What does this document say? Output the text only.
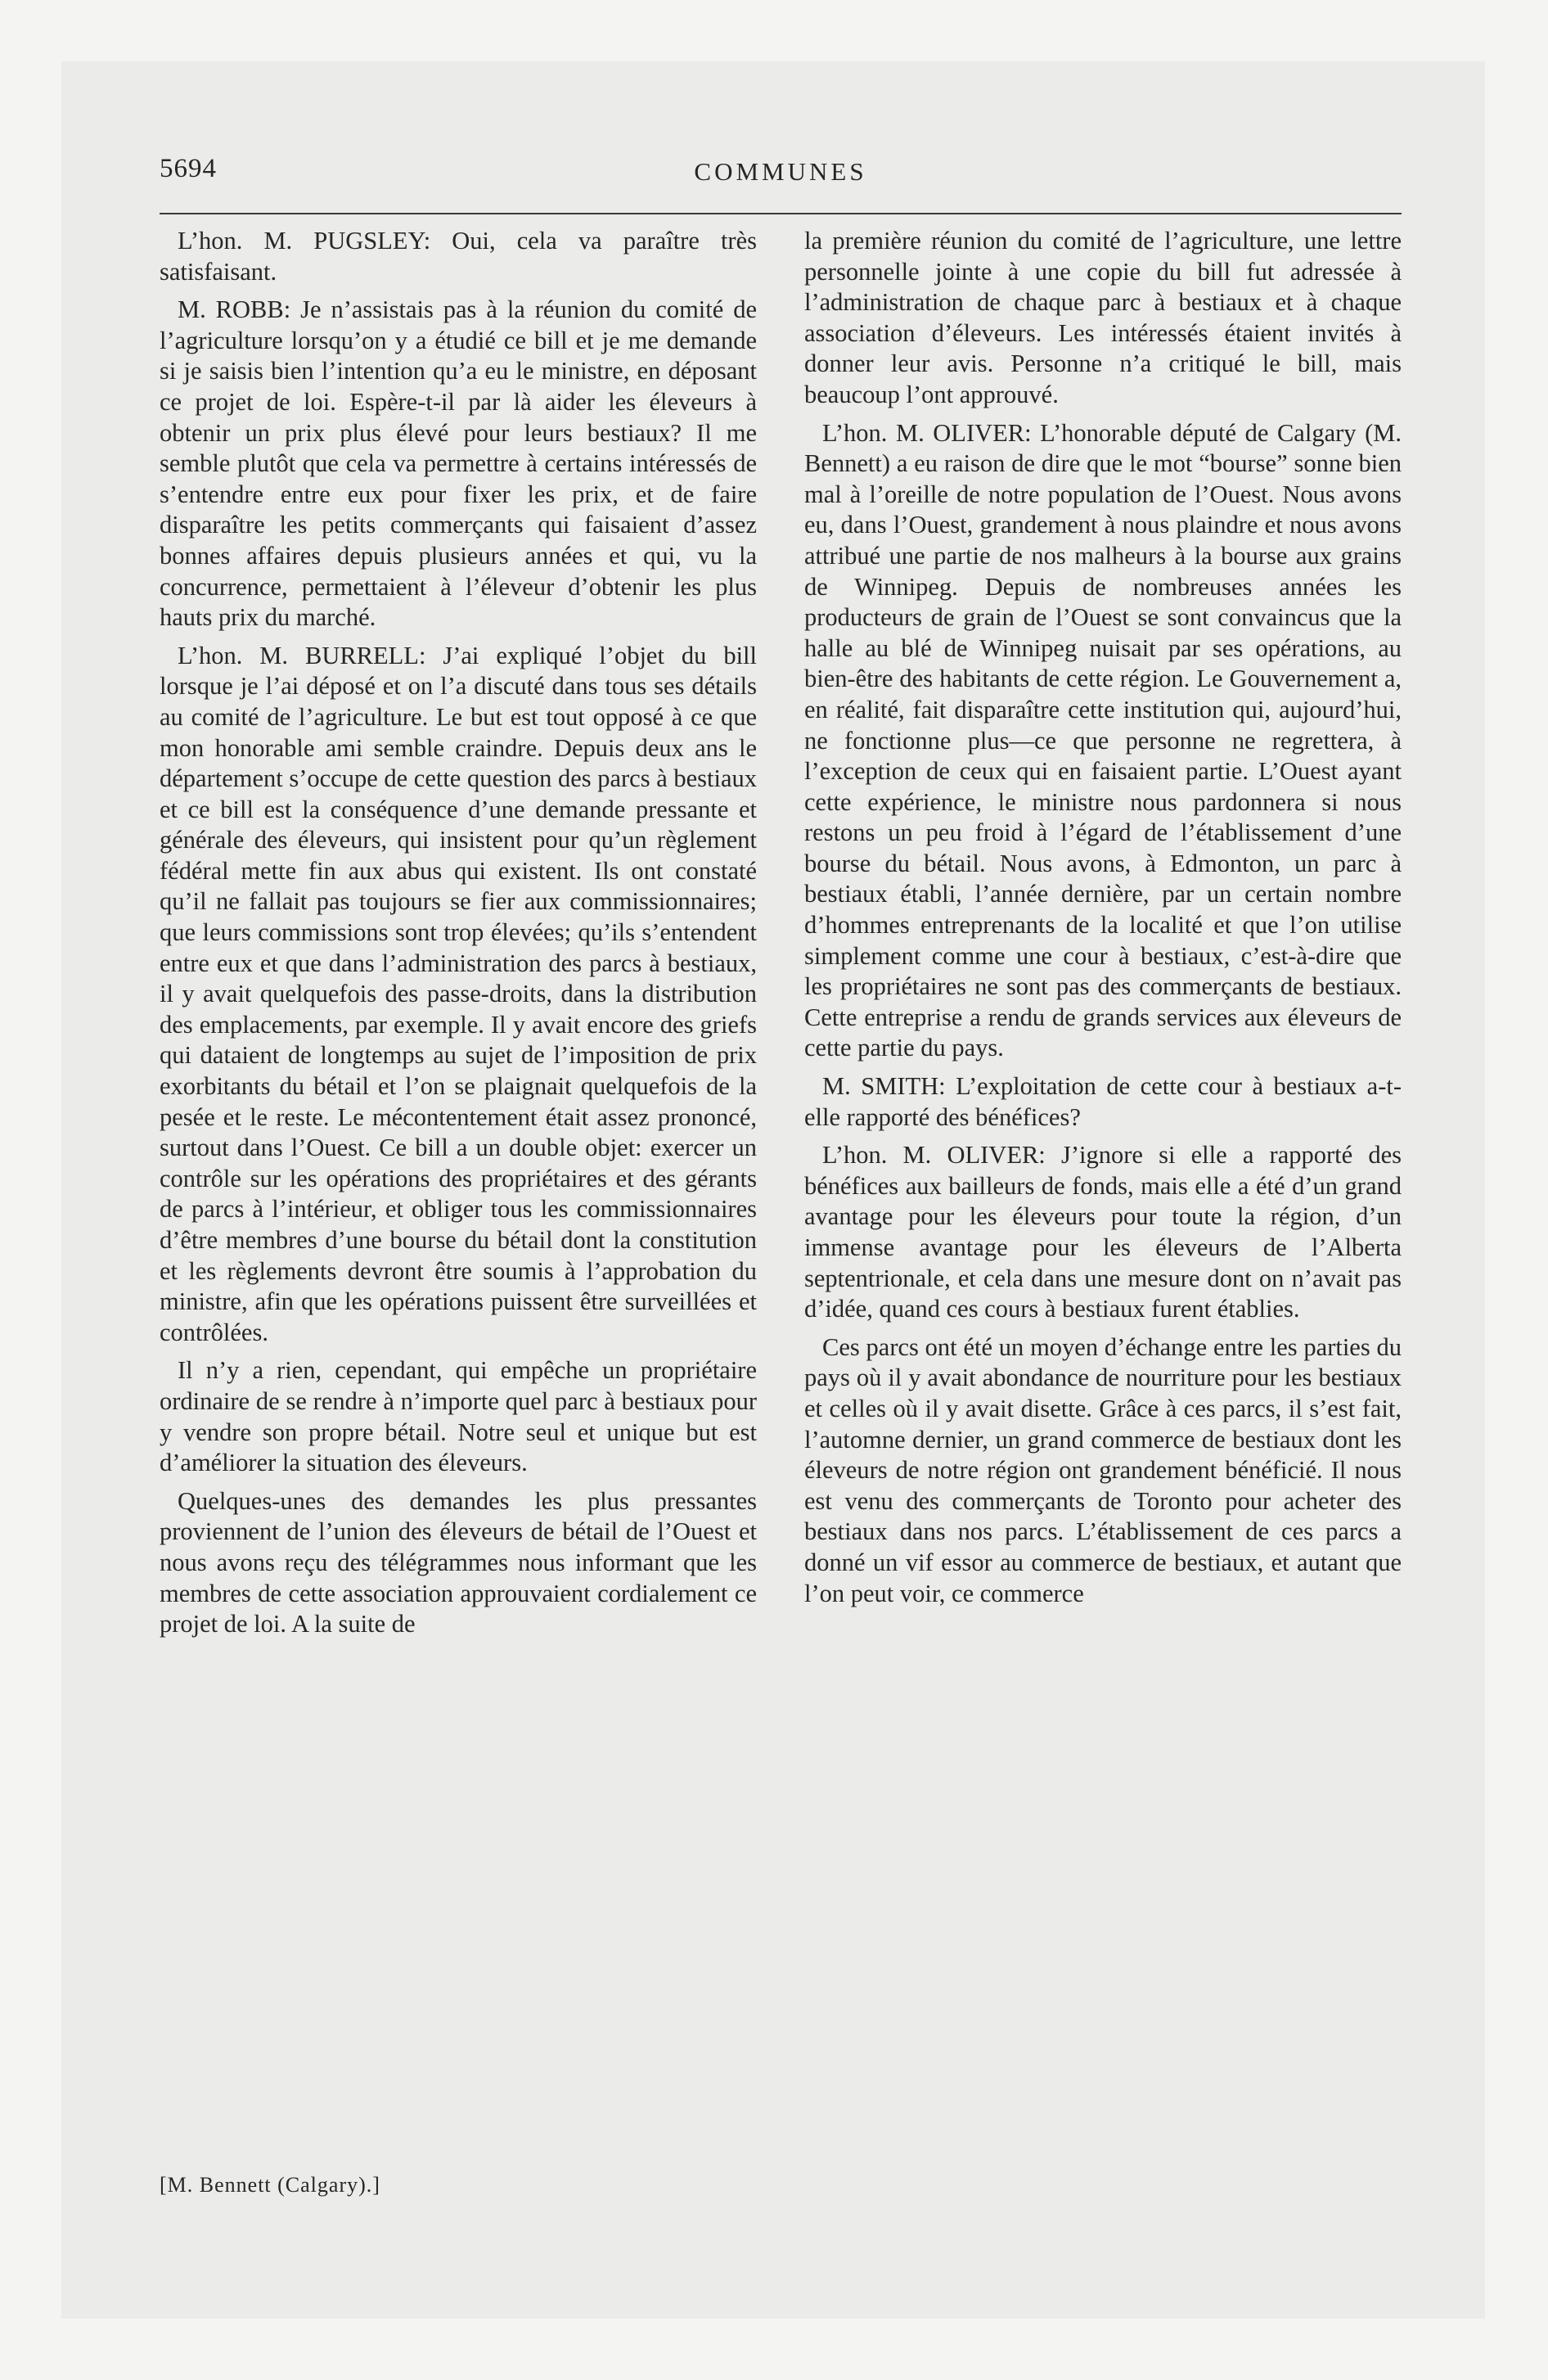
5694	COMMUNES

L’hon. M. PUGSLEY: Oui, cela va paraître très satisfaisant.

M. ROBB: Je n’assistais pas à la réunion du comité de l’agriculture lorsqu’on y a étudié ce bill et je me demande si je saisis bien l’intention qu’a eu le ministre, en déposant ce projet de loi. Espère-t-il par là aider les éleveurs à obtenir un prix plus élevé pour leurs bestiaux? Il me semble plutôt que cela va permettre à certains intéressés de s’entendre entre eux pour fixer les prix, et de faire disparaître les petits commerçants qui faisaient d’assez bonnes affaires depuis plusieurs années et qui, vu la concurrence, permettaient à l’éleveur d’obtenir les plus hauts prix du marché.

L’hon. M. BURRELL: J’ai expliqué l’objet du bill lorsque je l’ai déposé et on l’a discuté dans tous ses détails au comité de l’agriculture. Le but est tout opposé à ce que mon honorable ami semble craindre. Depuis deux ans le département s’occupe de cette question des parcs à bestiaux et ce bill est la conséquence d’une demande pressante et générale des éleveurs, qui insistent pour qu’un règlement fédéral mette fin aux abus qui existent. Ils ont constaté qu’il ne fallait pas toujours se fier aux commissionnaires; que leurs commissions sont trop élevées; qu’ils s’entendent entre eux et que dans l’administration des parcs à bestiaux, il y avait quelquefois des passe-droits, dans la distribution des emplacements, par exemple. Il y avait encore des griefs qui dataient de longtemps au sujet de l’imposition de prix exorbitants du bétail et l’on se plaignait quelquefois de la pesée et le reste. Le mécontentement était assez prononcé, surtout dans l’Ouest. Ce bill a un double objet: exercer un contrôle sur les opérations des propriétaires et des gérants de parcs à l’intérieur, et obliger tous les commissionnaires d’être membres d’une bourse du bétail dont la constitution et les règlements devront être soumis à l’approbation du ministre, afin que les opérations puissent être surveillées et contrôlées.

Il n’y a rien, cependant, qui empêche un propriétaire ordinaire de se rendre à n’importe quel parc à bestiaux pour y vendre son propre bétail. Notre seul et unique but est d’améliorer la situation des éleveurs.

Quelques-unes des demandes les plus pressantes proviennent de l’union des éleveurs de bétail de l’Ouest et nous avons reçu des télégrammes nous informant que les membres de cette association approuvaient cordialement ce projet de loi. A la suite de

la première réunion du comité de l’agriculture, une lettre personnelle jointe à une copie du bill fut adressée à l’administration de chaque parc à bestiaux et à chaque association d’éleveurs. Les intéressés étaient invités à donner leur avis. Personne n’a critiqué le bill, mais beaucoup l’ont approuvé.

L’hon. M. OLIVER: L’honorable député de Calgary (M. Bennett) a eu raison de dire que le mot “bourse” sonne bien mal à l’oreille de notre population de l’Ouest. Nous avons eu, dans l’Ouest, grandement à nous plaindre et nous avons attribué une partie de nos malheurs à la bourse aux grains de Winnipeg. Depuis de nombreuses années les producteurs de grain de l’Ouest se sont convaincus que la halle au blé de Winnipeg nuisait par ses opérations, au bien-être des habitants de cette région. Le Gouvernement a, en réalité, fait disparaître cette institution qui, aujourd’hui, ne fonctionne plus—ce que personne ne regrettera, à l’exception de ceux qui en faisaient partie. L’Ouest ayant cette expérience, le ministre nous pardonnera si nous restons un peu froid à l’égard de l’établissement d’une bourse du bétail. Nous avons, à Edmonton, un parc à bestiaux établi, l’année dernière, par un certain nombre d’hommes entreprenants de la localité et que l’on utilise simplement comme une cour à bestiaux, c’est-à-dire que les propriétaires ne sont pas des commerçants de bestiaux. Cette entreprise a rendu de grands services aux éleveurs de cette partie du pays.

M. SMITH: L’exploitation de cette cour à bestiaux a-t-elle rapporté des bénéfices?

L’hon. M. OLIVER: J’ignore si elle a rapporté des bénéfices aux bailleurs de fonds, mais elle a été d’un grand avantage pour les éleveurs pour toute la région, d’un immense avantage pour les éleveurs de l’Alberta septentrionale, et cela dans une mesure dont on n’avait pas d’idée, quand ces cours à bestiaux furent établies.

Ces parcs ont été un moyen d’échange entre les parties du pays où il y avait abondance de nourriture pour les bestiaux et celles où il y avait disette. Grâce à ces parcs, il s’est fait, l’automne dernier, un grand commerce de bestiaux dont les éleveurs de notre région ont grandement bénéficié. Il nous est venu des commerçants de Toronto pour acheter des bestiaux dans nos parcs. L’établissement de ces parcs a donné un vif essor au commerce de bestiaux, et autant que l’on peut voir, ce commerce

[M. Bennett (Calgary).]
